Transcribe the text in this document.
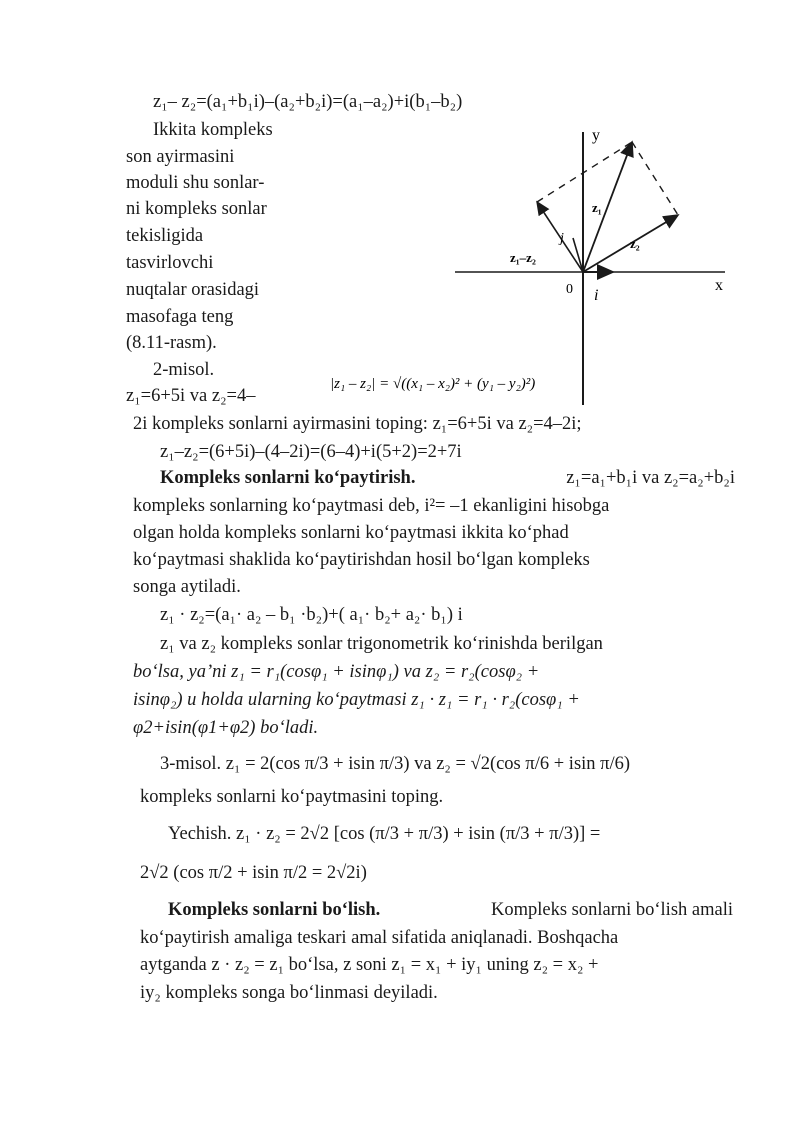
z₁– z₂=(a₁+b₁i)–(a₂+b₂i)=(a₁–a₂)+i(b₁–b₂)
Ikkita kompleks
son ayirmasini
moduli shu sonlar-
ni kompleks sonlar
tekisligida
tasvirlovchi
nuqtalar orasidagi
masofaga teng
(8.11-rasm).
2-misol.
z₁=6+5i va z₂=4–
y
x
0 i
j
z₁
z₂
z₁–z₂
|z₁ – z₂| = √((x₁ – x₂)² + (y₁ – y₂)²)
2i kompleks sonlarni ayirmasini toping: z₁=6+5i va z₂=4–2i;
z₁–z₂=(6+5i)–(4–2i)=(6–4)+i(5+2)=2+7i
Kompleks sonlarni ko‘paytirish.	z₁=a₁+b₁i va z₂=a₂+b₂i
kompleks sonlarning ko‘paytmasi deb, i²= –1 ekanligini hisobga
olgan holda kompleks sonlarni ko‘paytmasi ikkita ko‘phad
ko‘paytmasi shaklida ko‘paytirishdan hosil bo‘lgan kompleks
songa aytiladi.
z₁ · z₂=(a₁· a₂ – b₁ ·b₂)+( a₁· b₂+ a₂· b₁) i
z₁ va z₂ kompleks sonlar trigonometrik ko‘rinishda berilgan
bo‘lsa, ya’ni z₁ = r₁(cosφ₁ + isinφ₁) va z₂ = r₂(cosφ₂ +
isinφ₂) u holda ularning ko‘paytmasi z₁ · z₁ = r₁ · r₂(cosφ₁ +
φ2+isin(φ1+φ2) bo‘ladi.
3-misol. z₁ = 2(cos π/3 + isin π/3) va z₂ = √2(cos π/6 + isin π/6)
kompleks sonlarni ko‘paytmasini toping.
Yechish. z₁ · z₂ = 2√2 [cos (π/3 + π/3) + isin (π/3 + π/3)] =
2√2 (cos π/2 + isin π/2 = 2√2i)
Kompleks sonlarni bo‘lish.	Kompleks sonlarni bo‘lish amali
ko‘paytirish amaliga teskari amal sifatida aniqlanadi. Boshqacha
aytganda z · z₂ = z₁ bo‘lsa, z soni z₁ = x₁ + iy₁ uning z₂ = x₂ +
iy₂ kompleks songa bo‘linmasi deyiladi.
